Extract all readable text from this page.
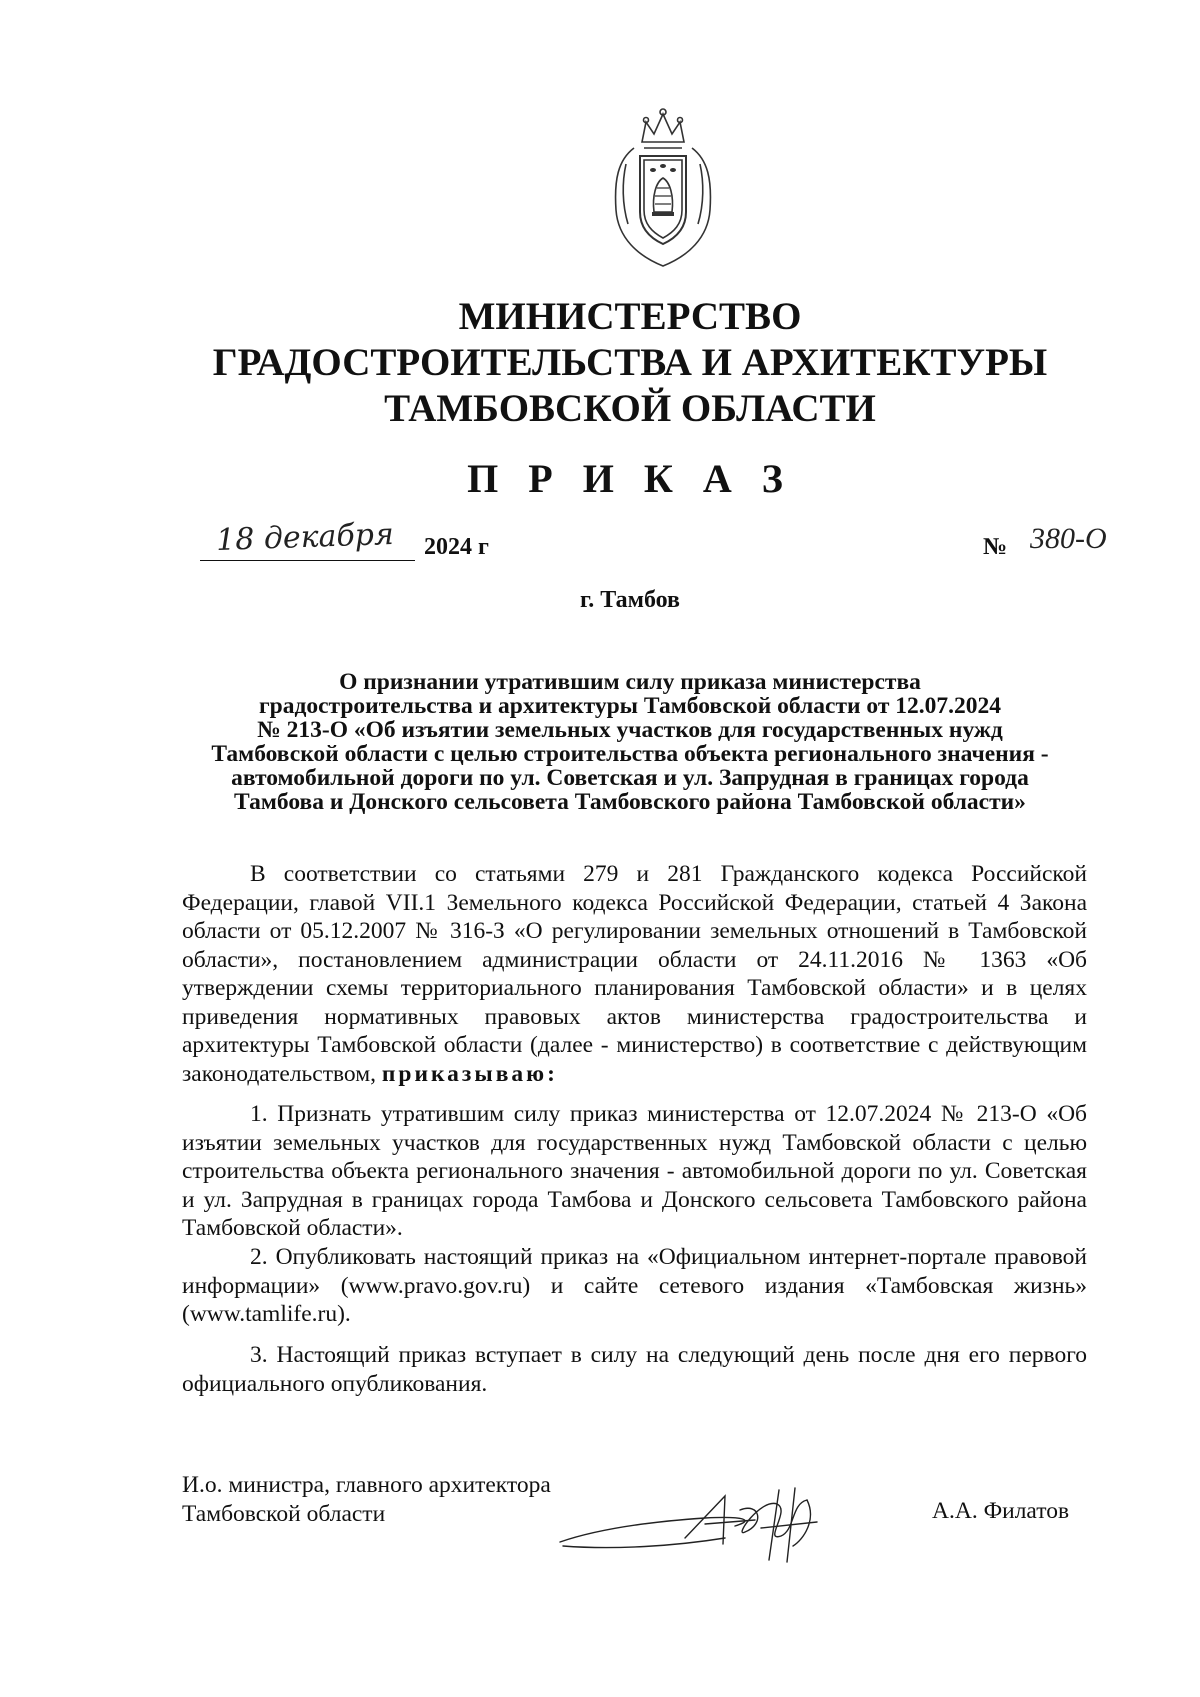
МИНИСТЕРСТВО
ГРАДОСТРОИТЕЛЬСТВА И АРХИТЕКТУРЫ
ТАМБОВСКОЙ ОБЛАСТИ
П Р И К А З
18 декабря	2024 г	№ 380-О
г. Тамбов
О признании утратившим силу приказа министерства
градостроительства и архитектуры Тамбовской области от 12.07.2024
№ 213-О «Об изъятии земельных участков для государственных нужд
Тамбовской области с целью строительства объекта регионального значения -
автомобильной дороги по ул. Советская и ул. Запрудная в границах города
Тамбова и Донского сельсовета Тамбовского района Тамбовской области»

В соответствии со статьями 279 и 281 Гражданского кодекса Российской Федерации, главой VII.1 Земельного кодекса Российской Федерации, статьей 4 Закона области от 05.12.2007 № 316-З «О регулировании земельных отношений в Тамбовской области», постановлением администрации области от 24.11.2016 № 1363 «Об утверждении схемы территориального планирования Тамбовской области» и в целях приведения нормативных правовых актов министерства градостроительства и архитектуры Тамбовской области (далее - министерство) в соответствие с действующим законодательством, приказываю:

1. Признать утратившим силу приказ министерства от 12.07.2024 № 213-О «Об изъятии земельных участков для государственных нужд Тамбовской области с целью строительства объекта регионального значения - автомобильной дороги по ул. Советская и ул. Запрудная в границах города Тамбова и Донского сельсовета Тамбовского района Тамбовской области».

2. Опубликовать настоящий приказ на «Официальном интернет-портале правовой информации» (www.pravo.gov.ru) и сайте сетевого издания «Тамбовская жизнь» (www.tamlife.ru).

3. Настоящий приказ вступает в силу на следующий день после дня его первого официального опубликования.

И.о. министра, главного архитектора
Тамбовской области	А.А. Филатов
